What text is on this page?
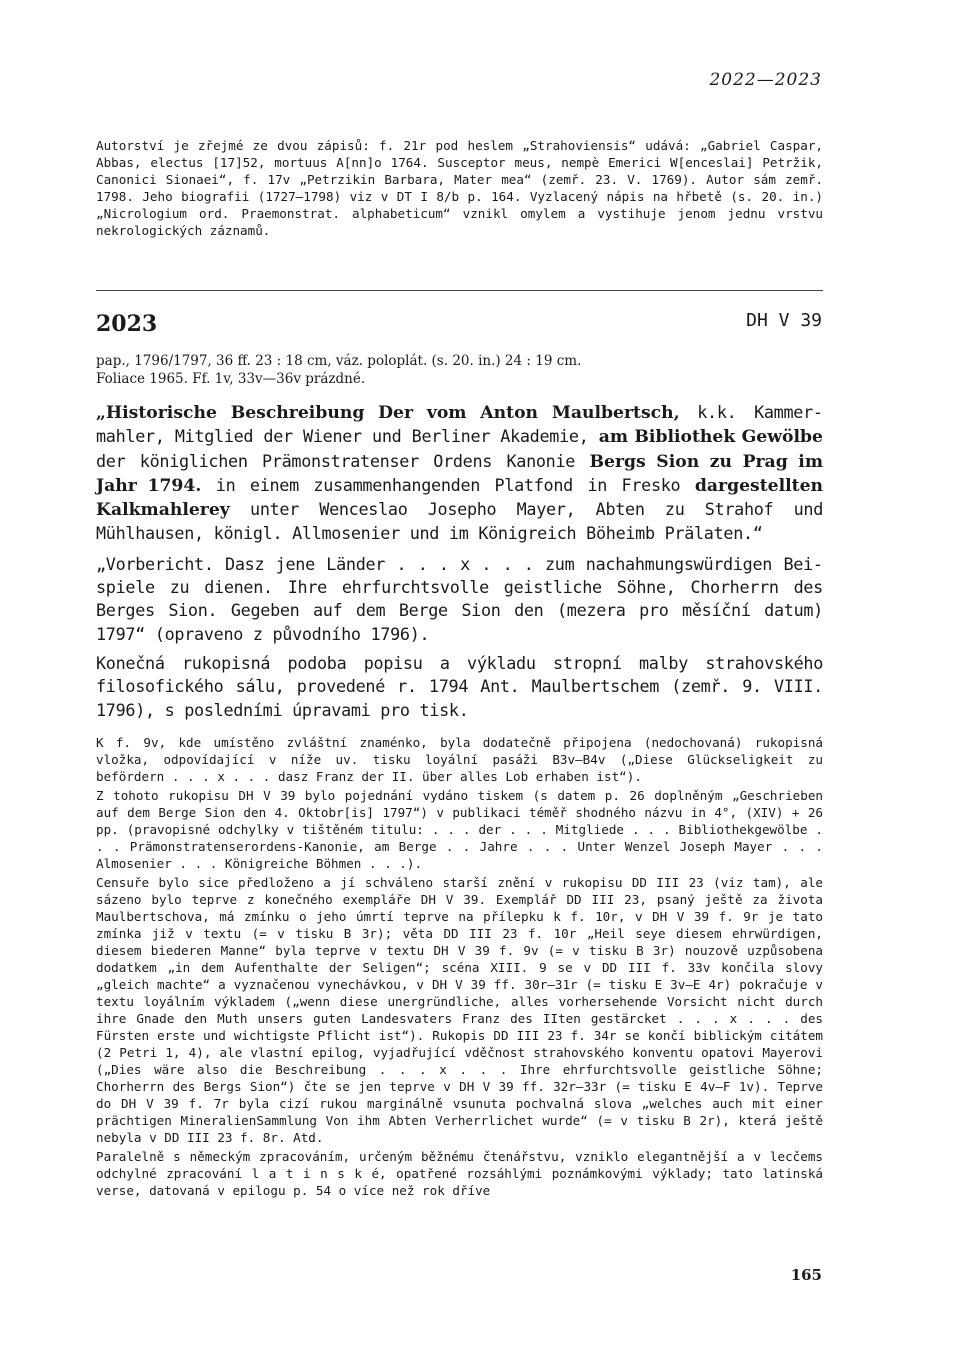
2022—2023
Autorství je zřejmé ze dvou zápisů: f. 21r pod heslem „Strahoviensis“ udává: „Gabriel Caspar, Abbas, electus [17]52, mortuus A[nn]o 1764. Susceptor meus, nempè Emerici W[enceslai] Petržik, Canonici Sionaei“, f. 17v „Petrzikin Barbara, Mater mea“ (zemř. 23. V. 1769). Autor sám zemř. 1798. Jeho biografii (1727—1798) viz v DT I 8/b p. 164. Vyzlacený nápis na hřbetě (s. 20. in.) „Nicrologium ord. Praemonstrat. alphabeticum“ vznikl omylem a vystihuje jenom jednu vrstvu nekrologických záznamů.
2023	DH V 39
pap., 1796/1797, 36 ff. 23 : 18 cm, váz. poloplát. (s. 20. in.) 24 : 19 cm.
Foliace 1965. Ff. 1v, 33v—36v prázdné.

„Historische Beschreibung Der vom Anton Maulbertsch, k.k. Kammermahler, Mitglied der Wiener und Berliner Akademie, am Bibliothek Gewölbe der königlichen Prämonstratenser Ordens Kanonie Bergs Sion zu Prag im Jahr 1794. in einem zusammenhangenden Platfond in Fresko dargestellten Kalkmahlerey unter Wenceslao Josepho Mayer, Abten zu Strahof und Mühlhausen, königl. Allmosenier und im Königreich Böheimb Prälaten.“

„Vorbericht. Dasz jene Länder . . . x . . . zum nachahmungswürdigen Beispiele zu dienen. Ihre ehrfurchtsvolle geistliche Söhne, Chorherrn des Berges Sion. Gegeben auf dem Berge Sion den (mezera pro měsíční datum) 1797“ (opraveno z původního 1796).

Konečná rukopisná podoba popisu a výkladu stropní malby strahovského filosofického sálu, provedené r. 1794 Ant. Maulbertschem (zemř. 9. VIII. 1796), s posledními úpravami pro tisk.

K f. 9v, kde umístěno zvláštní znaménko, byla dodatečně připojena (nedochovaná) rukopisná vložka, odpovídající v níže uv. tisku loyální pasáži B3v—B4v („Diese Glückseligkeit zu befördern . . . x . . . dasz Franz der II. über alles Lob erhaben ist“).

Z tohoto rukopisu DH V 39 bylo pojednání vydáno tiskem (s datem p. 26 doplněným „Geschrieben auf dem Berge Sion den 4. Oktobr[is] 1797“) v publikaci téměř shodného názvu in 4°, (XIV) + 26 pp. (pravopisné odchylky v tištěném titulu: . . . der . . . Mitgliede . . . Bibliothekgewölbe . . . Prämonstratenserordens-Kanonie, am Berge . . Jahre . . . Unter Wenzel Joseph Mayer . . . Almosenier . . . Königreiche Böhmen . . .).

Censuře bylo sice předloženo a jí schváleno starší znění v rukopisu DD III 23 (viz tam), ale sázeno bylo teprve z konečného exempláře DH V 39. Exemplář DD III 23, psaný ještě za života Maulbertschova, má zmínku o jeho úmrtí teprve na přílepku k f. 10r, v DH V 39 f. 9r je tato zmínka již v textu (= v tisku B 3r); věta DD III 23 f. 10r „Heil seye diesem ehrwürdigen, diesem biederen Manne“ byla teprve v textu DH V 39 f. 9v (= v tisku B 3r) nouzově uzpůsobena dodatkem „in dem Aufenthalte der Seligen“; scéna XIII. 9 se v DD III f. 33v končila slovy „gleich machte“ a vyznačenou vynechávkou, v DH V 39 ff. 30r—31r (= tisku E 3v—E 4r) pokračuje v textu loyálním výkladem („wenn diese unergründliche, alles vorhersehende Vorsicht nicht durch ihre Gnade den Muth unsers guten Landesvaters Franz des IIten gestärcket . . . x . . . des Fürsten erste und wichtigste Pflicht ist“). Rukopis DD III 23 f. 34r se končí biblickým citátem (2 Petri 1, 4), ale vlastní epilog, vyjadřující vděčnost strahovského konventu opatovi Mayerovi („Dies wäre also die Beschreibung . . . x . . . Ihre ehrfurchtsvolle geistliche Söhne; Chorherrn des Bergs Sion“) čte se jen teprve v DH V 39 ff. 32r—33r (= tisku E 4v—F 1v). Teprve do DH V 39 f. 7r byla cizí rukou marginálně vsunuta pochvalná slova „welches auch mit einer prächtigen MineralienSammlung Von ihm Abten Verherrlichet wurde“ (= v tisku B 2r), která ještě nebyla v DD III 23 f. 8r. Atd.

Paralelně s německým zpracováním, určeným běžnému čtenářstvu, vzniklo elegantnější a v lecčems odchylné zpracování l a t i n s k é, opatřené rozsáhlými poznámkovými výklady; tato latinská verse, datovaná v epilogu p. 54 o více než rok dříve

165
